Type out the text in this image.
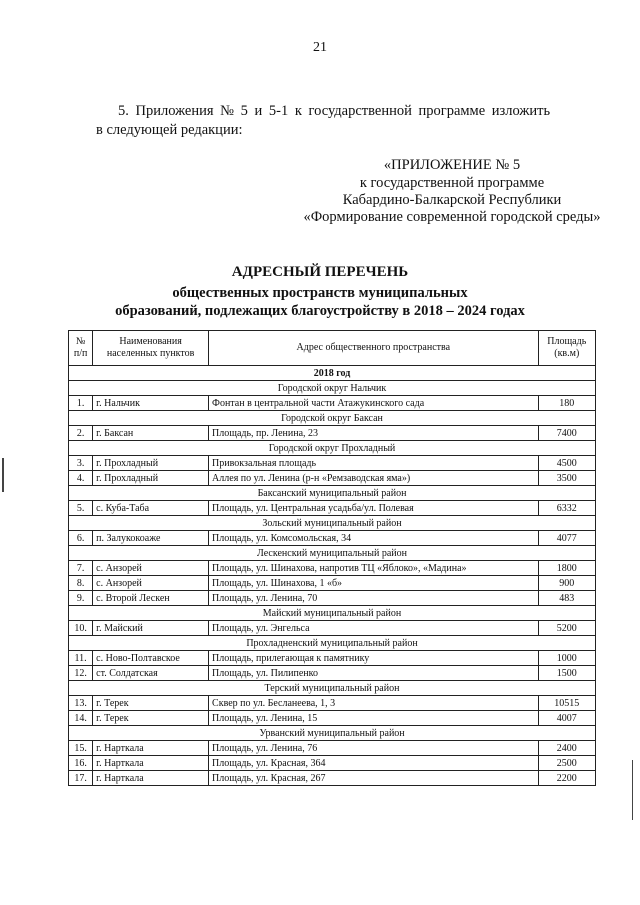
21
5. Приложения № 5 и 5-1 к государственной программе изложить
в следующей редакции:
«ПРИЛОЖЕНИЕ № 5
к государственной программе
Кабардино-Балкарской Республики
«Формирование современной городской среды»
АДРЕСНЫЙ ПЕРЕЧЕНЬ
общественных пространств муниципальных
образований, подлежащих благоустройству в 2018 – 2024 годах
№ п/п	Наименования населенных пунктов	Адрес общественного пространства	Площадь (кв.м)
2018 год			
Городской округ Нальчик			
1.	г. Нальчик	Фонтан в центральной части Атажукинского сада	180
Городской округ Баксан			
2.	г. Баксан	Площадь, пр. Ленина, 23	7400
Городской округ Прохладный			
3.	г. Прохладный	Привокзальная площадь	4500
4.	г. Прохладный	Аллея по ул. Ленина (р-н «Ремзаводская яма»)	3500
Баксанский муниципальный район			
5.	с. Куба-Таба	Площадь, ул. Центральная усадьба/ул. Полевая	6332
Зольский муниципальный район			
6.	п. Залукокоаже	Площадь, ул. Комсомольская, 34	4077
Лескенский муниципальный район			
7.	с. Анзорей	Площадь, ул. Шинахова, напротив ТЦ «Яблоко», «Мадина»	1800
8.	с. Анзорей	Площадь, ул. Шинахова, 1 «б»	900
9.	с. Второй Лескен	Площадь, ул. Ленина, 70	483
Майский муниципальный район			
10.	г. Майский	Площадь, ул. Энгельса	5200
Прохладненский муниципальный район			
11.	с. Ново-Полтавское	Площадь, прилегающая к памятнику	1000
12.	ст. Солдатская	Площадь, ул. Пилипенко	1500
Терский муниципальный район			
13.	г. Терек	Сквер по ул. Бесланеева, 1, 3	10515
14.	г. Терек	Площадь, ул. Ленина, 15	4007
Урванский муниципальный район			
15.	г. Нарткала	Площадь, ул. Ленина, 76	2400
16.	г. Нарткала	Площадь, ул. Красная, 364	2500
17.	г. Нарткала	Площадь, ул. Красная, 267	2200
